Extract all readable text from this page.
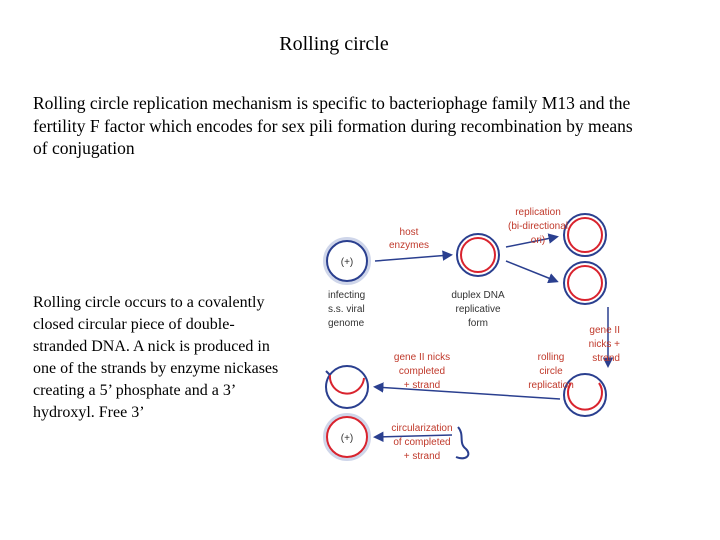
Rolling circle
Rolling circle replication mechanism is specific to bacteriophage family M13 and the fertility F factor which encodes for sex pili formation during recombination by means of conjugation
Rolling circle occurs to a covalently closed circular piece of double-stranded DNA. A nick is produced in one of the strands by enzyme nickases creating a 5’ phosphate and a 3’ hydroxyl. Free 3’
(+)
(+)
infecting
s.s. viral
genome
host
enzymes
duplex DNA
replicative
form
replication
(bi-directional
ori)
gene II
nicks +
strand
rolling
circle
replication
gene II nicks
completed
+ strand
circularization
of completed
+ strand
